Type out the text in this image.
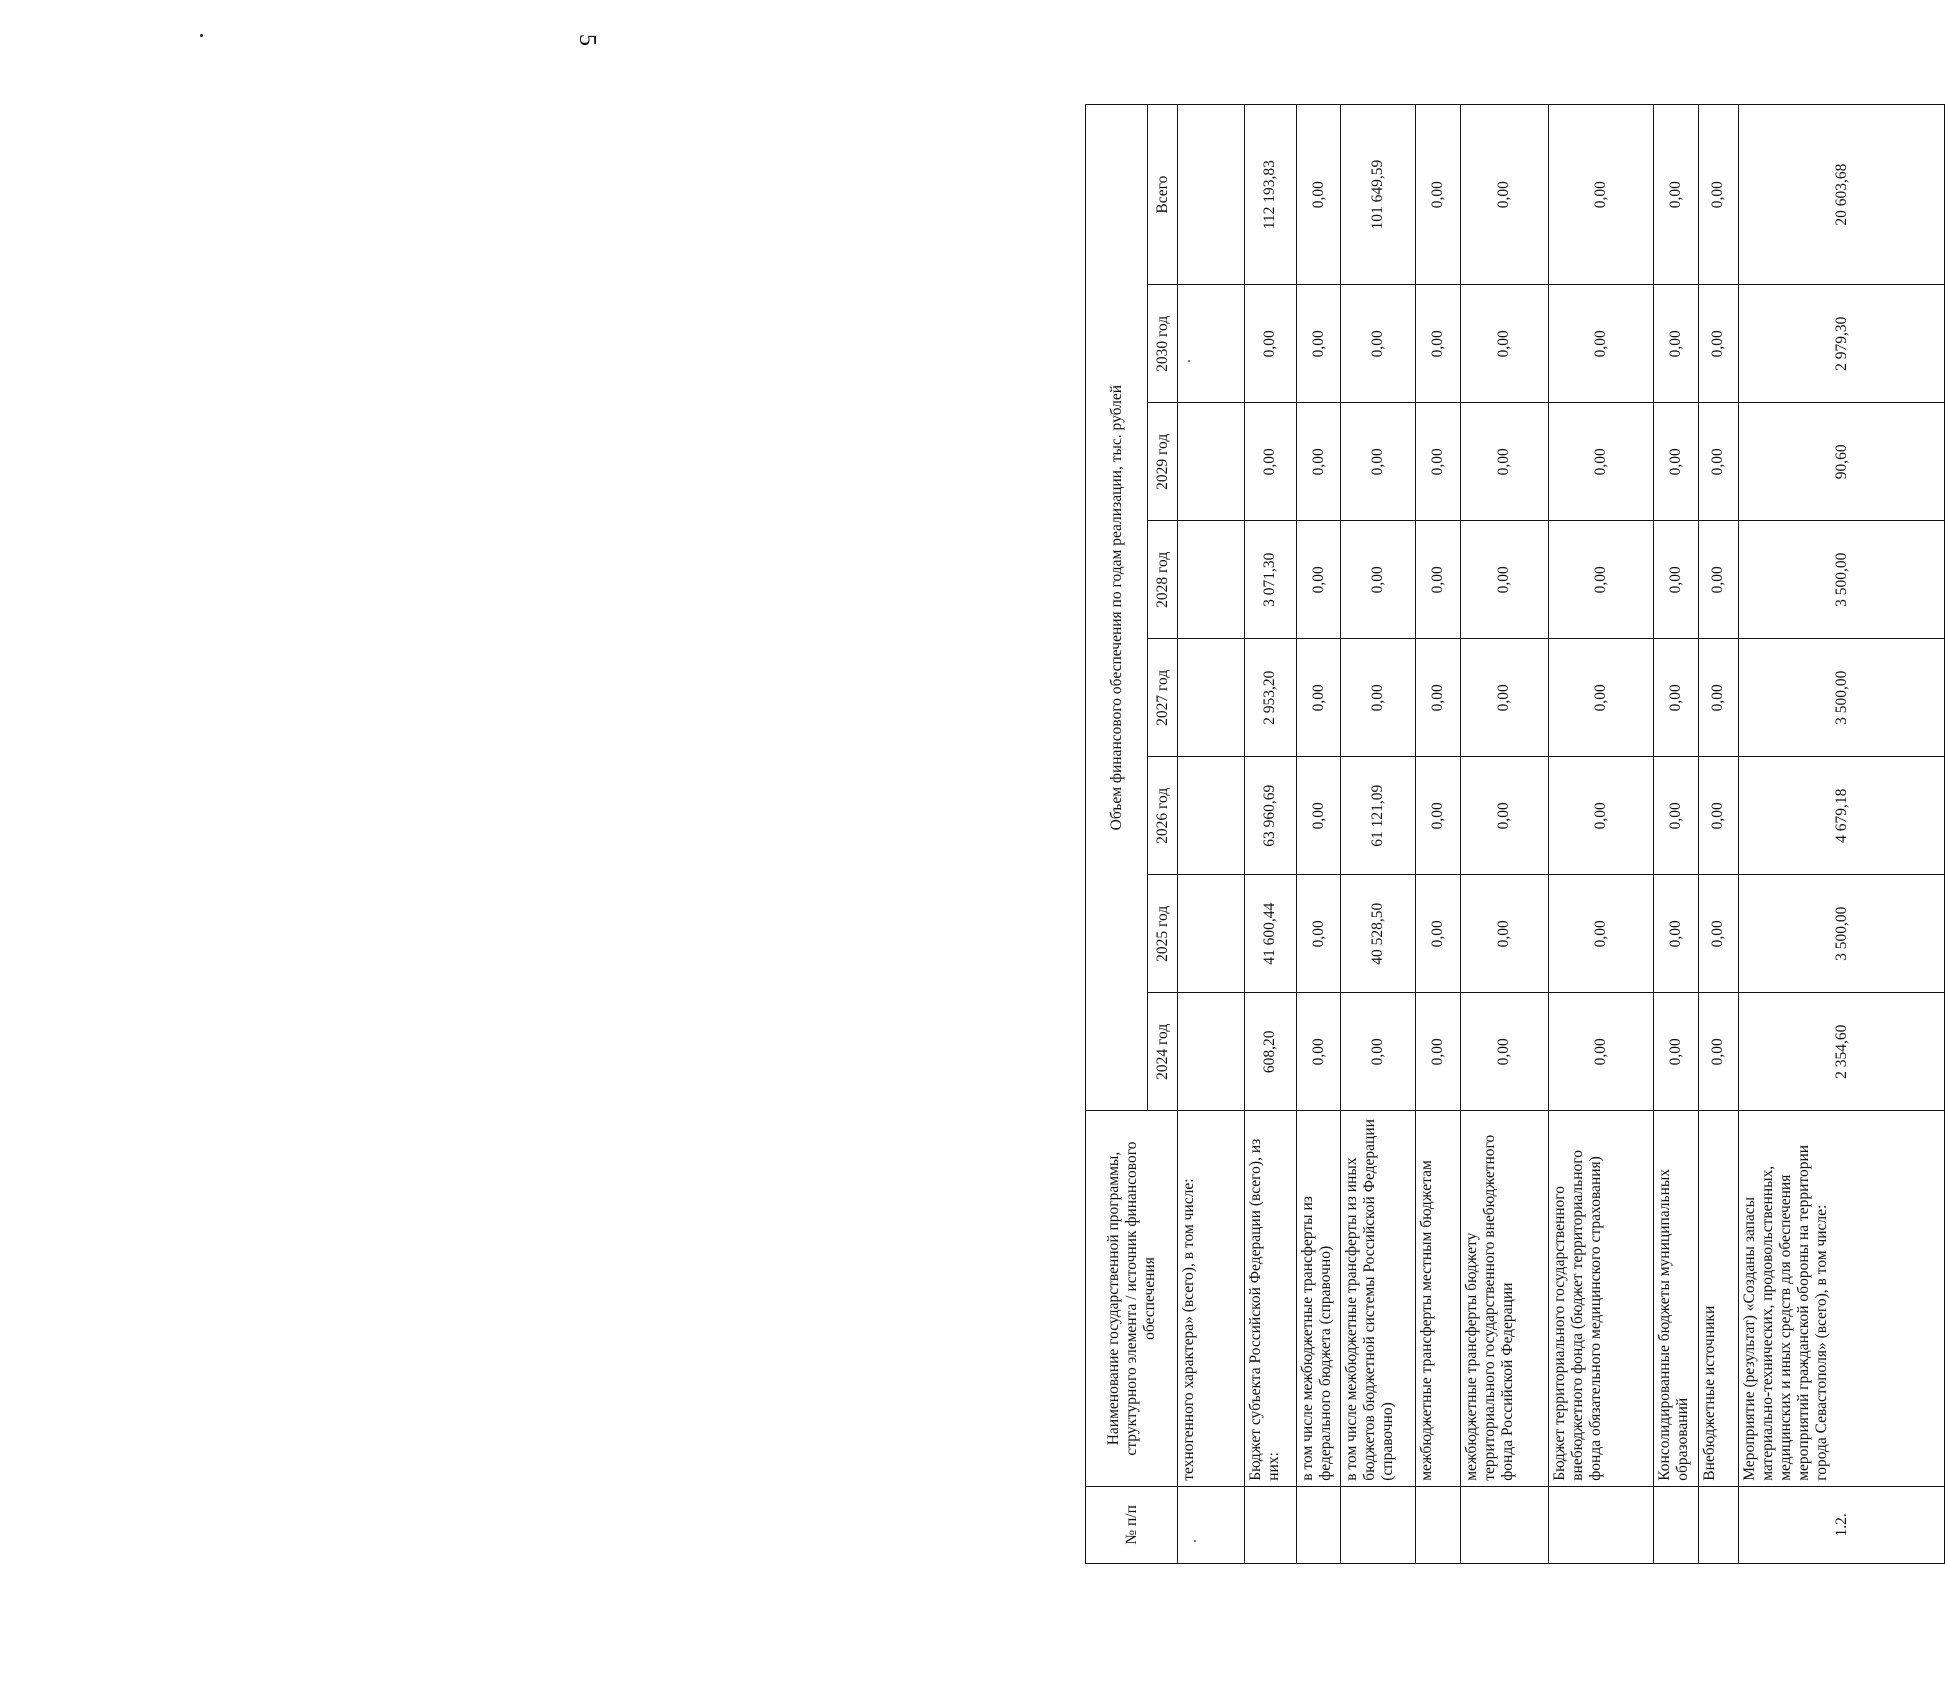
5
№ п/п	Наименование государственной программы, структурного элемента / источник финансового обеспечения	Объем финансового обеспечения по годам реализации, тыс. рублей							
		2024 год	2025 год	2026 год	2027 год	2028 год	2029 год	2030 год	Всего
	техногенного характера» (всего), в том числе:								
	Бюджет субъекта Российской Федерации (всего), из них:	608,20	41 600,44	63 960,69	2 953,20	3 071,30	0,00	0,00	112 193,83
	в том числе межбюджетные трансферты из федерального бюджета (справочно)	0,00	0,00	0,00	0,00	0,00	0,00	0,00	0,00
	в том числе межбюджетные трансферты из иных бюджетов бюджетной системы Российской Федерации (справочно)	0,00	40 528,50	61 121,09	0,00	0,00	0,00	0,00	101 649,59
	межбюджетные трансферты местным бюджетам	0,00	0,00	0,00	0,00	0,00	0,00	0,00	0,00
	межбюджетные трансферты бюджету территориального государственного внебюджетного фонда Российской Федерации	0,00	0,00	0,00	0,00	0,00	0,00	0,00	0,00
	Бюджет территориального государственного внебюджетного фонда (бюджет территориального фонда обязательного медицинского страхования)	0,00	0,00	0,00	0,00	0,00	0,00	0,00	0,00
	Консолидированные бюджеты муниципальных образований	0,00	0,00	0,00	0,00	0,00	0,00	0,00	0,00
	Внебюджетные источники	0,00	0,00	0,00	0,00	0,00	0,00	0,00	0,00
1.2.	Мероприятие (результат) «Созданы запасы материально-технических, продовольственных, медицинских и иных средств для обеспечения мероприятий гражданской обороны на территории города Севастополя» (всего), в том числе:	2 354,60	3 500,00	4 679,18	3 500,00	3 500,00	90,60	2 979,30	20 603,68
